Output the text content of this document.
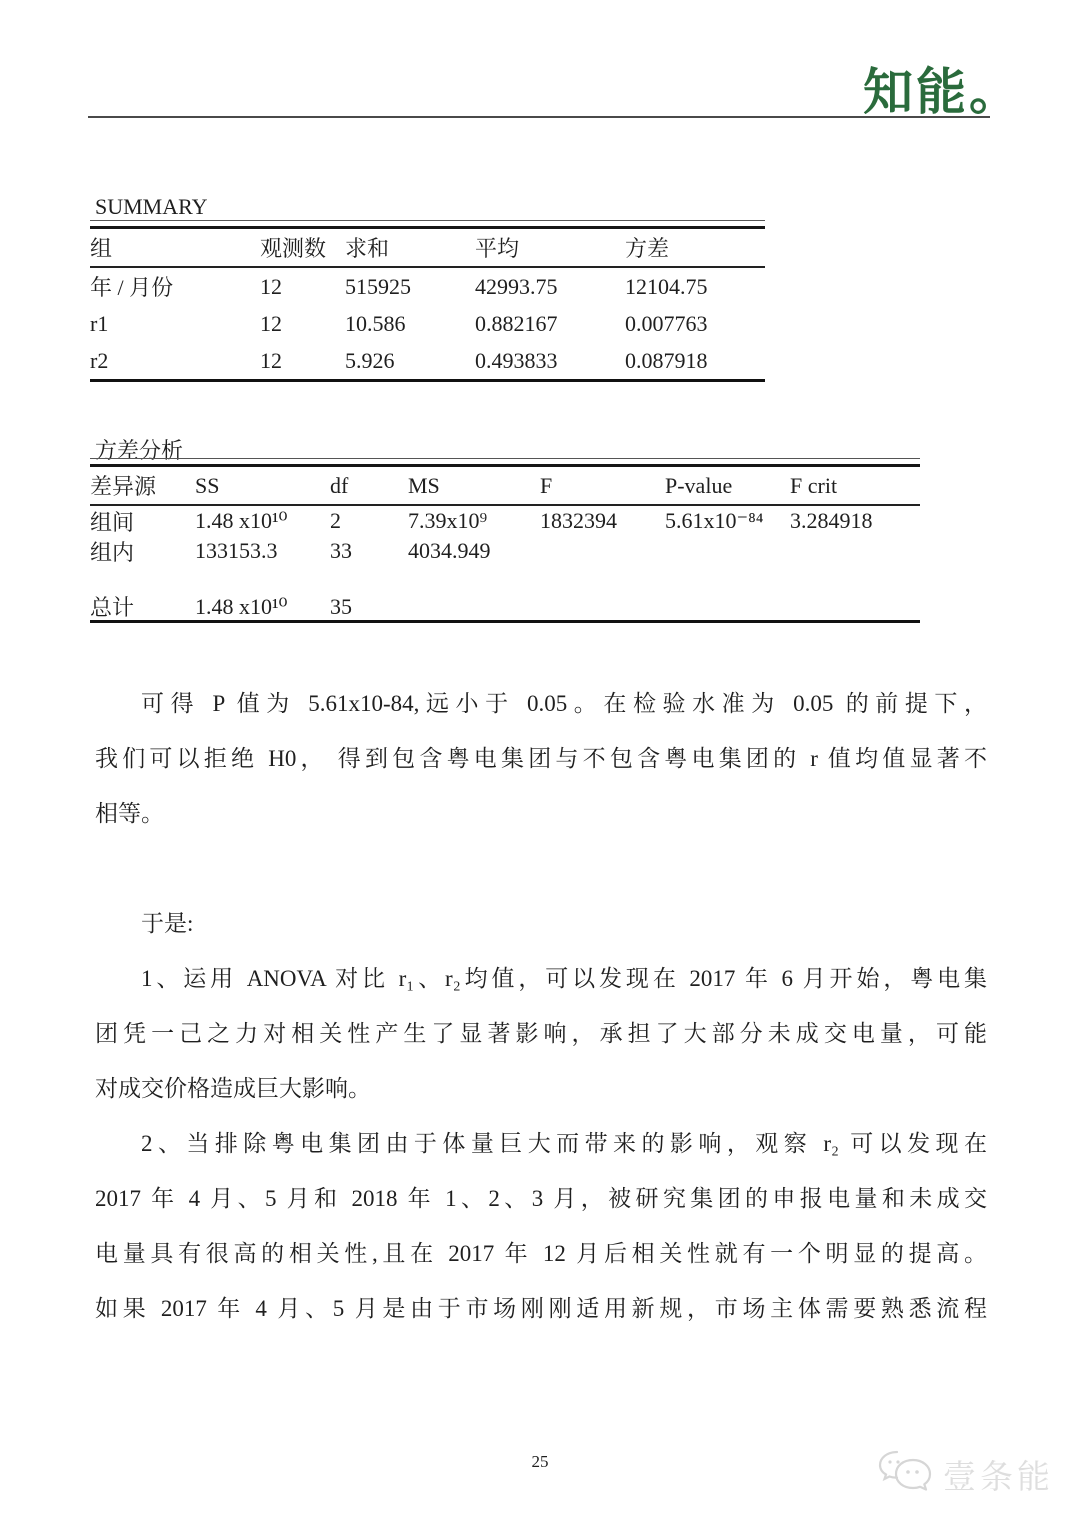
知能。
SUMMARY
组	观测数 求和	平均	方差
年 / 月份	12	515925	42993.75	12104.75
r1	12	10.586	0.882167	0.007763
r2	12	5.926	0.493833	0.087918
方差分析
差异源	SS	df	MS	F	P-value	F crit
组间	1.48 x10¹⁰	2	7.39x10⁹	1832394	5.61x10⁻⁸⁴	3.284918
组内	133153.3	33	4034.949
总计	1.48 x10¹⁰	35
可得 P 值为 5.61x10-84,远小于 0.05。在检验水准为 0.05 的前提下，
我们可以拒绝 H0， 得到包含粤电集团与不包含粤电集团的 r 值均值显著不
相等。
于是:
1、运用 ANOVA 对比 r₁、r₂均值，可以发现在 2017 年 6 月开始，粤电集
团凭一己之力对相关性产生了显著影响，承担了大部分未成交电量，可能
对成交价格造成巨大影响。
2、当排除粤电集团由于体量巨大而带来的影响，观察 r₂ 可以发现在
2017 年 4 月、5 月和 2018 年 1、2、3 月，被研究集团的申报电量和未成交
电量具有很高的相关性,且在 2017 年 12 月后相关性就有一个明显的提高。
如果 2017 年 4 月、5 月是由于市场刚刚适用新规，市场主体需要熟悉流程
25	壹条能
